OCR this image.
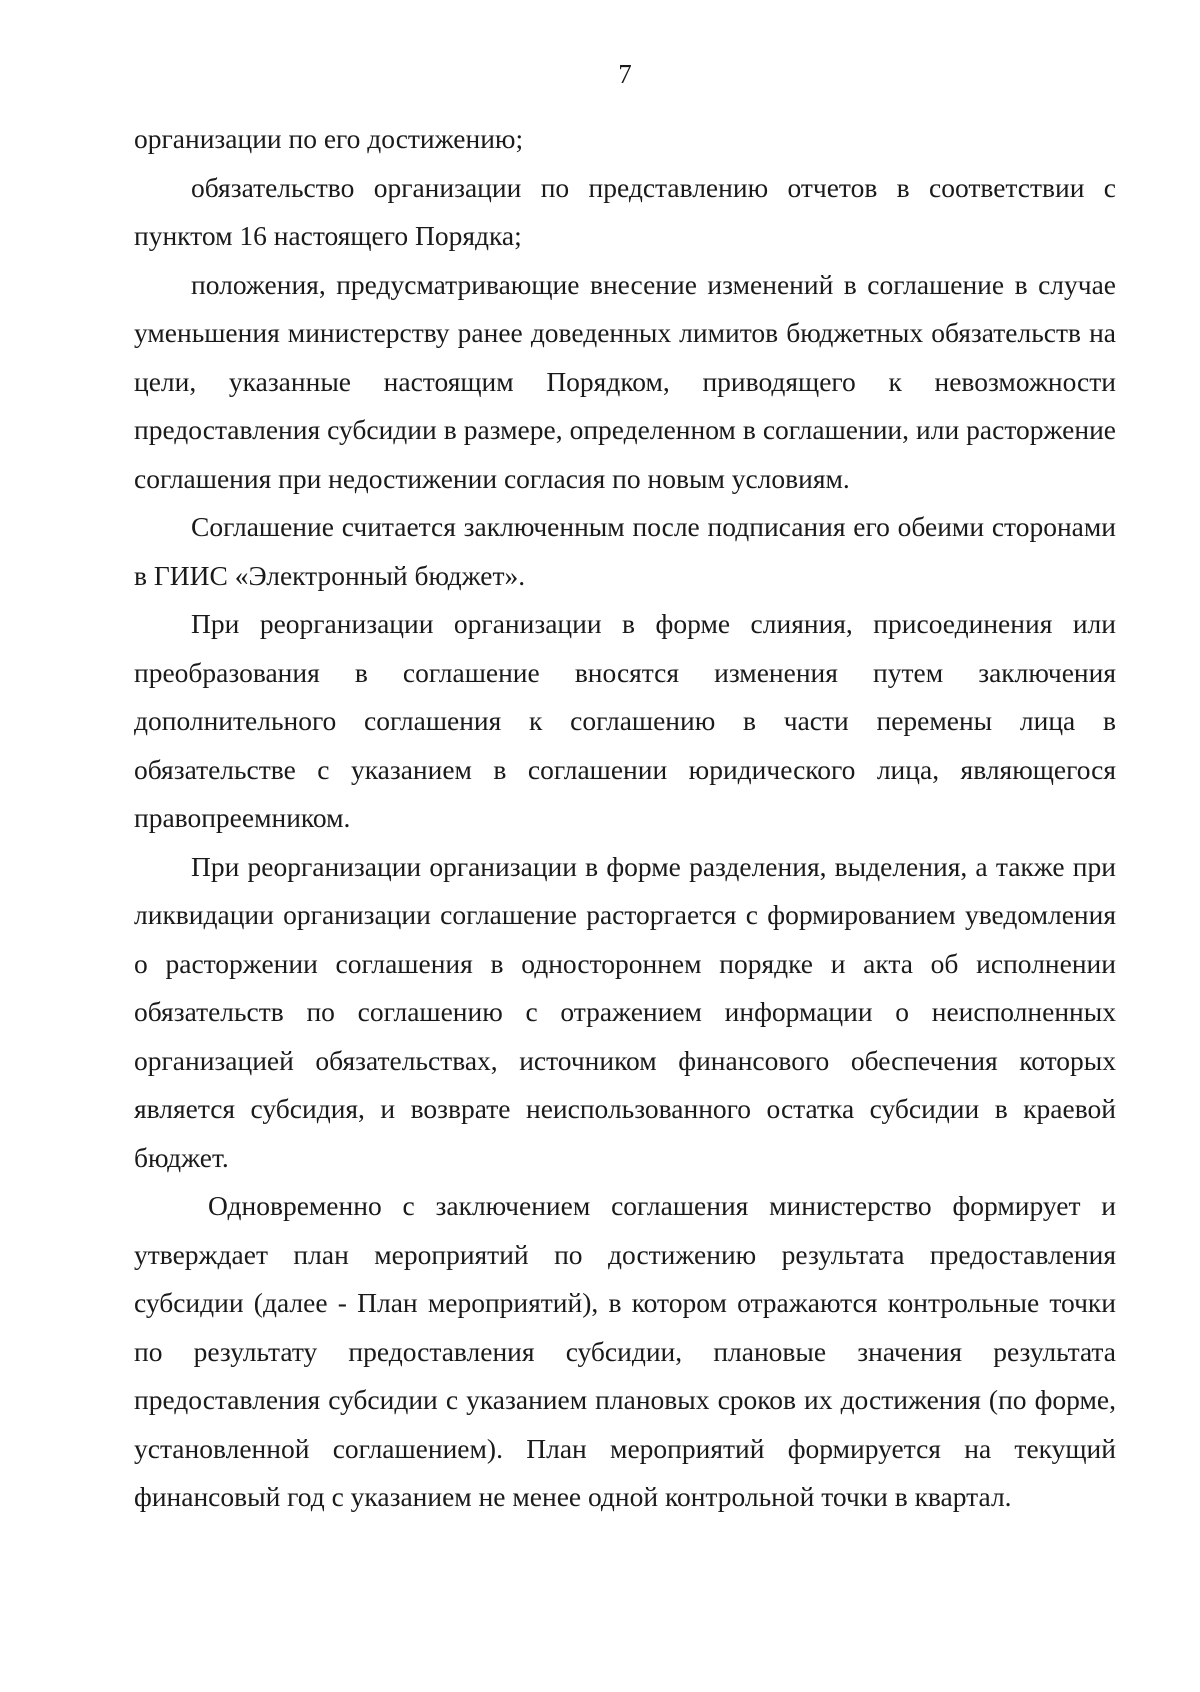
7

организации по его достижению;

обязательство организации по представлению отчетов в соответствии с пунктом 16 настоящего Порядка;

положения, предусматривающие внесение изменений в соглашение в случае уменьшения министерству ранее доведенных лимитов бюджетных обязательств на цели, указанные настоящим Порядком, приводящего к невозможности предоставления субсидии в размере, определенном в соглашении, или расторжение соглашения при недостижении согласия по новым условиям.

Соглашение считается заключенным после подписания его обеими сторонами в ГИИС «Электронный бюджет».

При реорганизации организации в форме слияния, присоединения или преобразования в соглашение вносятся изменения путем заключения дополнительного соглашения к соглашению в части перемены лица в обязательстве с указанием в соглашении юридического лица, являющегося правопреемником.

При реорганизации организации в форме разделения, выделения, а также при ликвидации организации соглашение расторгается с формированием уведомления о расторжении соглашения в одностороннем порядке и акта об исполнении обязательств по соглашению с отражением информации о неисполненных организацией обязательствах, источником финансового обеспечения которых является субсидия, и возврате неиспользованного остатка субсидии в краевой бюджет.

Одновременно с заключением соглашения министерство формирует и утверждает план мероприятий по достижению результата предоставления субсидии (далее - План мероприятий), в котором отражаются контрольные точки по результату предоставления субсидии, плановые значения результата предоставления субсидии с указанием плановых сроков их достижения (по форме, установленной соглашением). План мероприятий формируется на текущий финансовый год с указанием не менее одной контрольной точки в квартал.
